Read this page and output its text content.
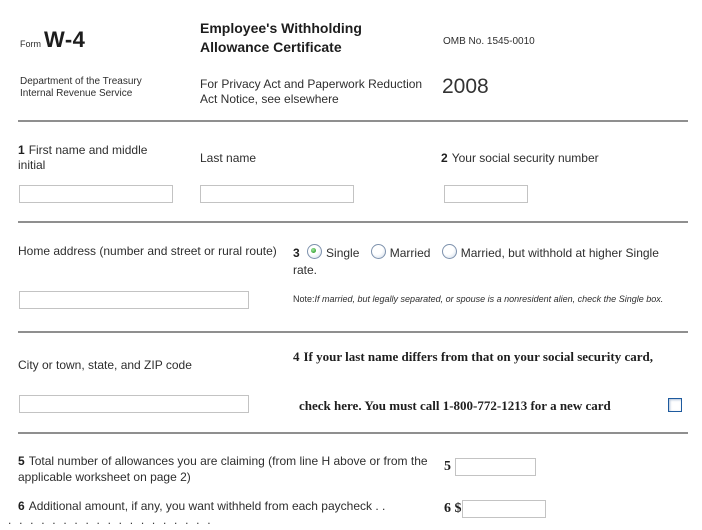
Form W-4
Department of the Treasury
Internal Revenue Service
Employee's Withholding Allowance Certificate
For Privacy Act and Paperwork Reduction Act Notice, see elsewhere
OMB No. 1545-0010
2008
1 First name and middle initial	Last name	2 Your social security number
Home address (number and street or rural route)	3 Single	Married	Married, but withhold at higher Single rate.
Note:If married, but legally separated, or spouse is a nonresident alien, check the Single box.
City or town, state, and ZIP code
4 If your last name differs from that on your social security card,
check here. You must call 1-800-772-1213 for a new card
5 Total number of allowances you are claiming (from line H above or from the applicable worksheet on page 2)
5
6 Additional amount, if any, you want withheld from each paycheck . .
. . . . . . . . . . . . . . . . . . .
6 $
